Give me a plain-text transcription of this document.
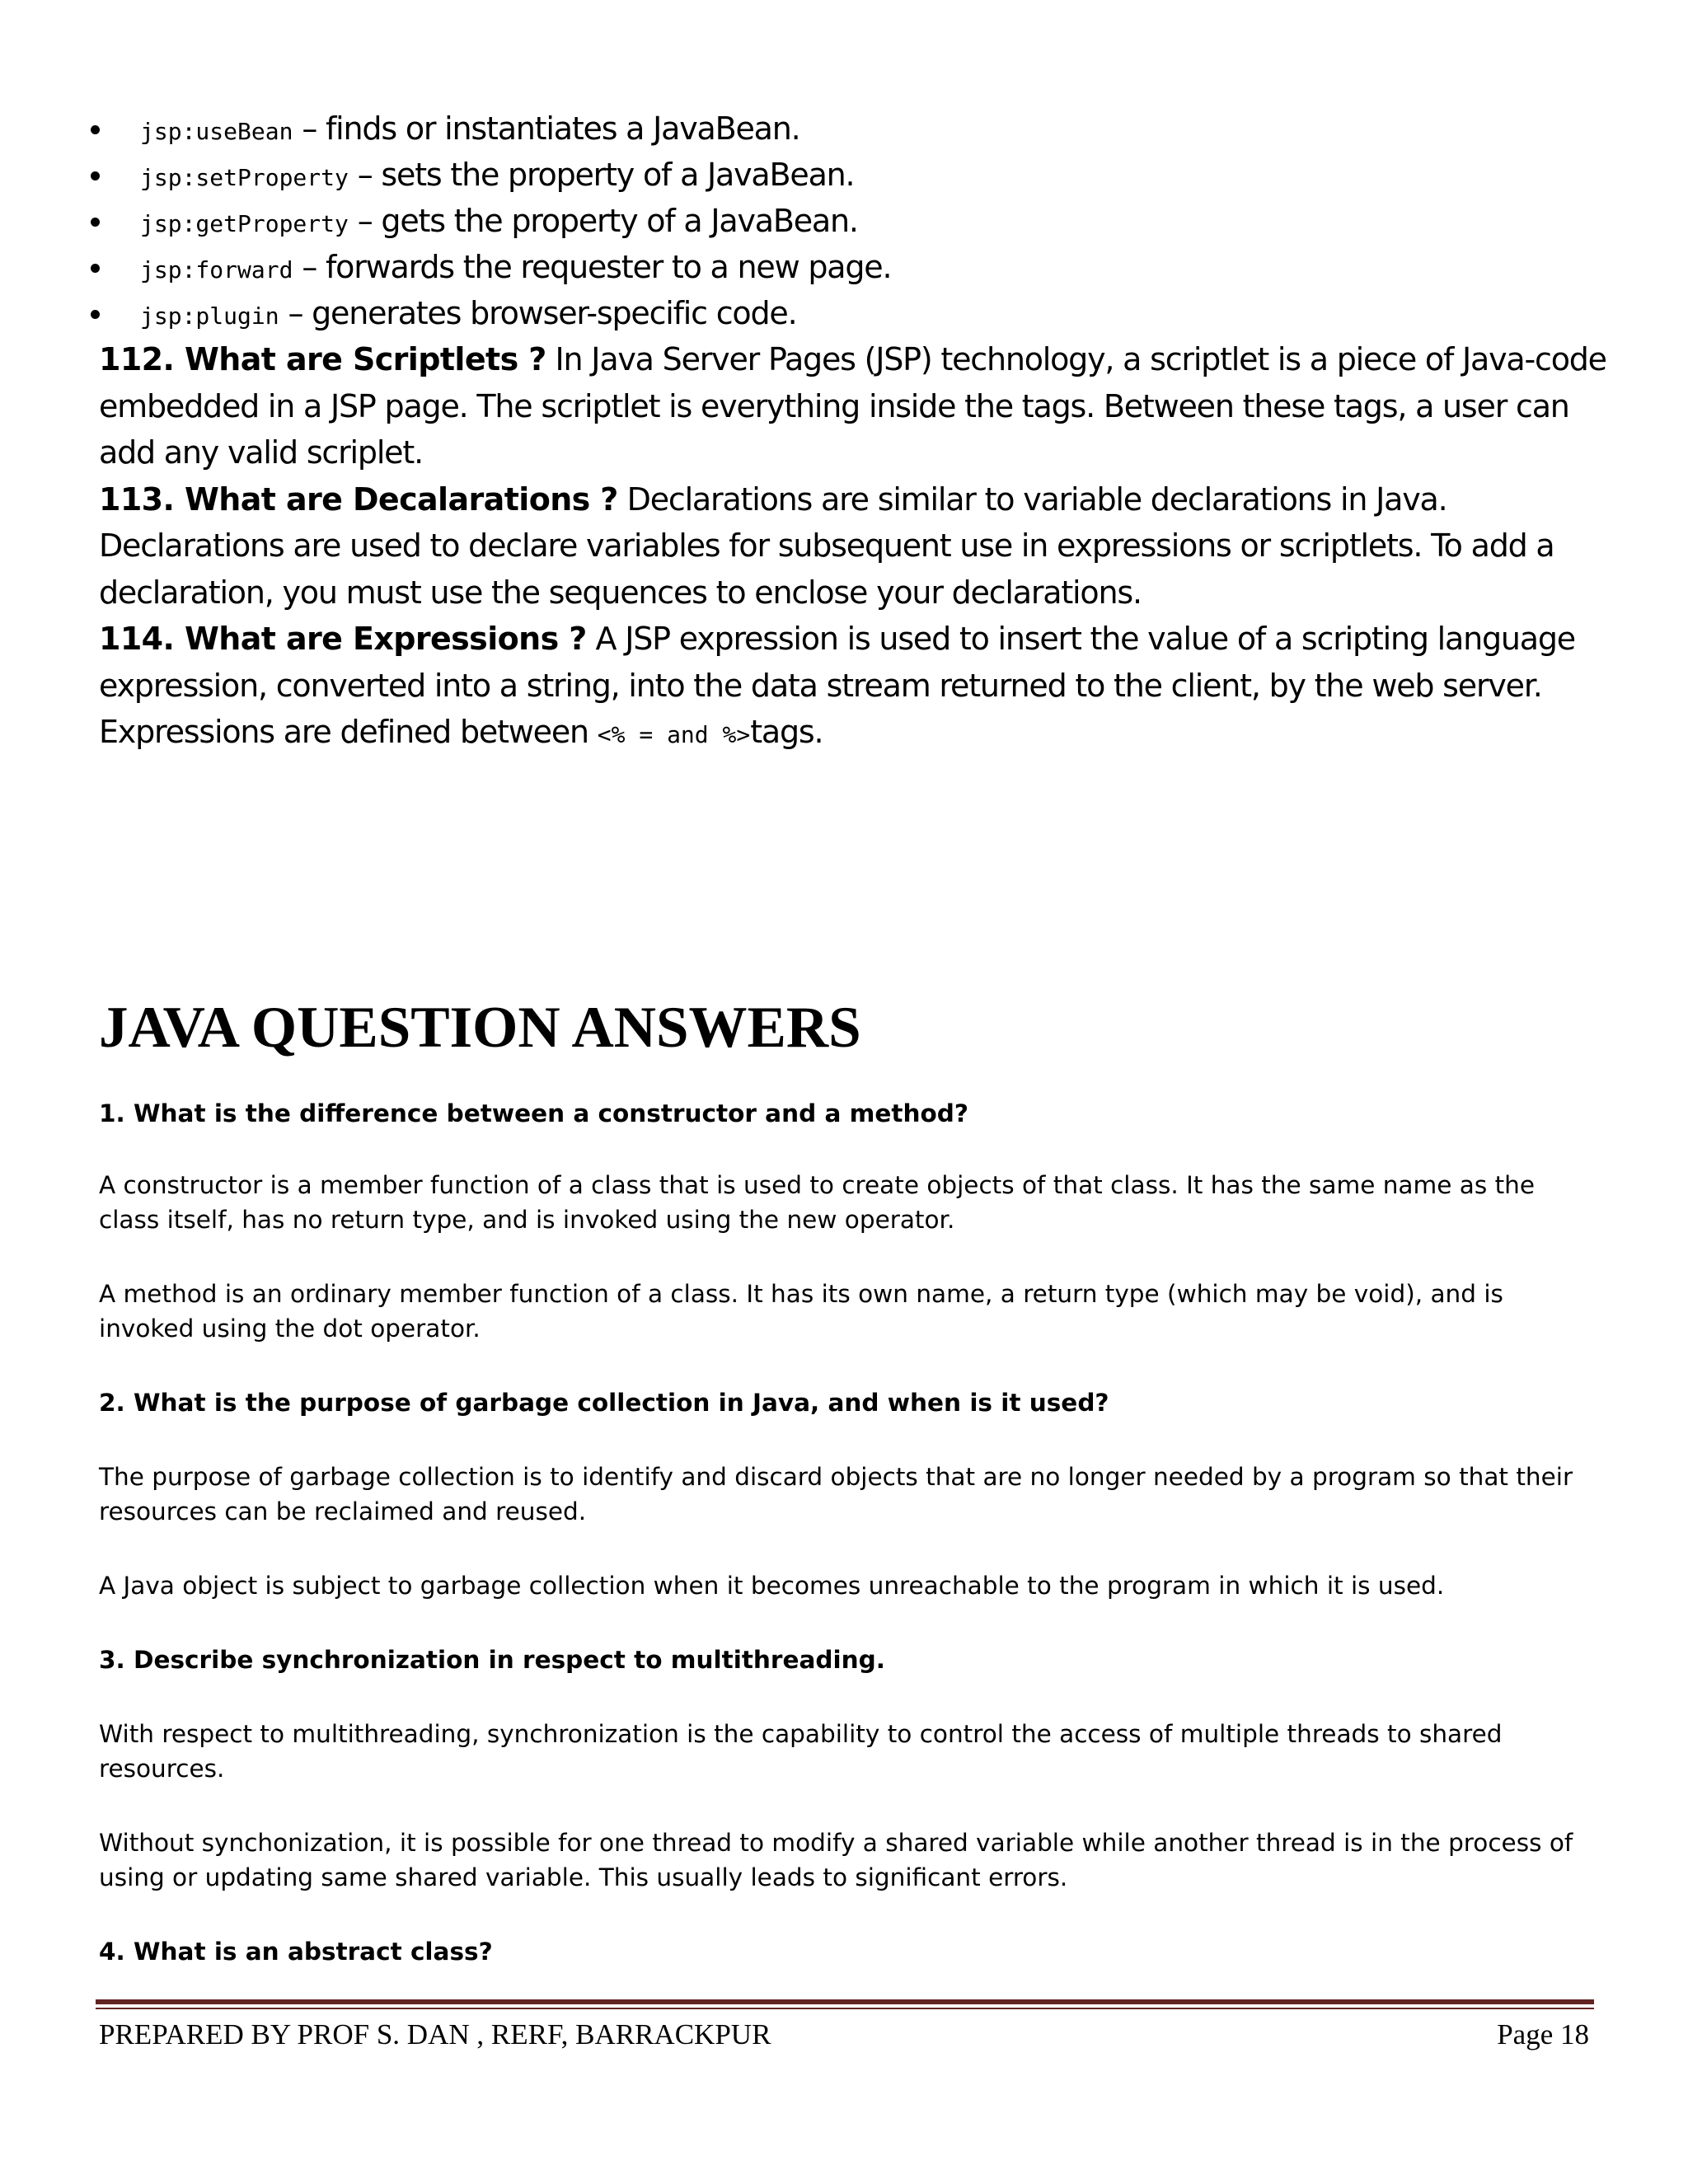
jsp:useBean – finds or instantiates a JavaBean.
jsp:setProperty – sets the property of a JavaBean.
jsp:getProperty – gets the property of a JavaBean.
jsp:forward – forwards the requester to a new page.
jsp:plugin – generates browser-specific code.

112. What are Scriptlets ? In Java Server Pages (JSP) technology, a scriptlet is a piece of Java-code embedded in a JSP page. The scriptlet is everything inside the tags. Between these tags, a user can add any valid scriplet.

113. What are Decalarations ? Declarations are similar to variable declarations in Java. Declarations are used to declare variables for subsequent use in expressions or scriptlets. To add a declaration, you must use the sequences to enclose your declarations.

114. What are Expressions ? A JSP expression is used to insert the value of a scripting language expression, converted into a string, into the data stream returned to the client, by the web server. Expressions are defined between <% = and %>tags.

JAVA QUESTION ANSWERS

1. What is the difference between a constructor and a method?

A constructor is a member function of a class that is used to create objects of that class. It has the same name as the class itself, has no return type, and is invoked using the new operator.

A method is an ordinary member function of a class. It has its own name, a return type (which may be void), and is invoked using the dot operator.

2. What is the purpose of garbage collection in Java, and when is it used?

The purpose of garbage collection is to identify and discard objects that are no longer needed by a program so that their resources can be reclaimed and reused.

A Java object is subject to garbage collection when it becomes unreachable to the program in which it is used.

3. Describe synchronization in respect to multithreading.

With respect to multithreading, synchronization is the capability to control the access of multiple threads to shared resources.

Without synchonization, it is possible for one thread to modify a shared variable while another thread is in the process of using or updating same shared variable. This usually leads to significant errors.

4. What is an abstract class?

PREPARED BY PROF S. DAN , RERF, BARRACKPUR	Page 18
